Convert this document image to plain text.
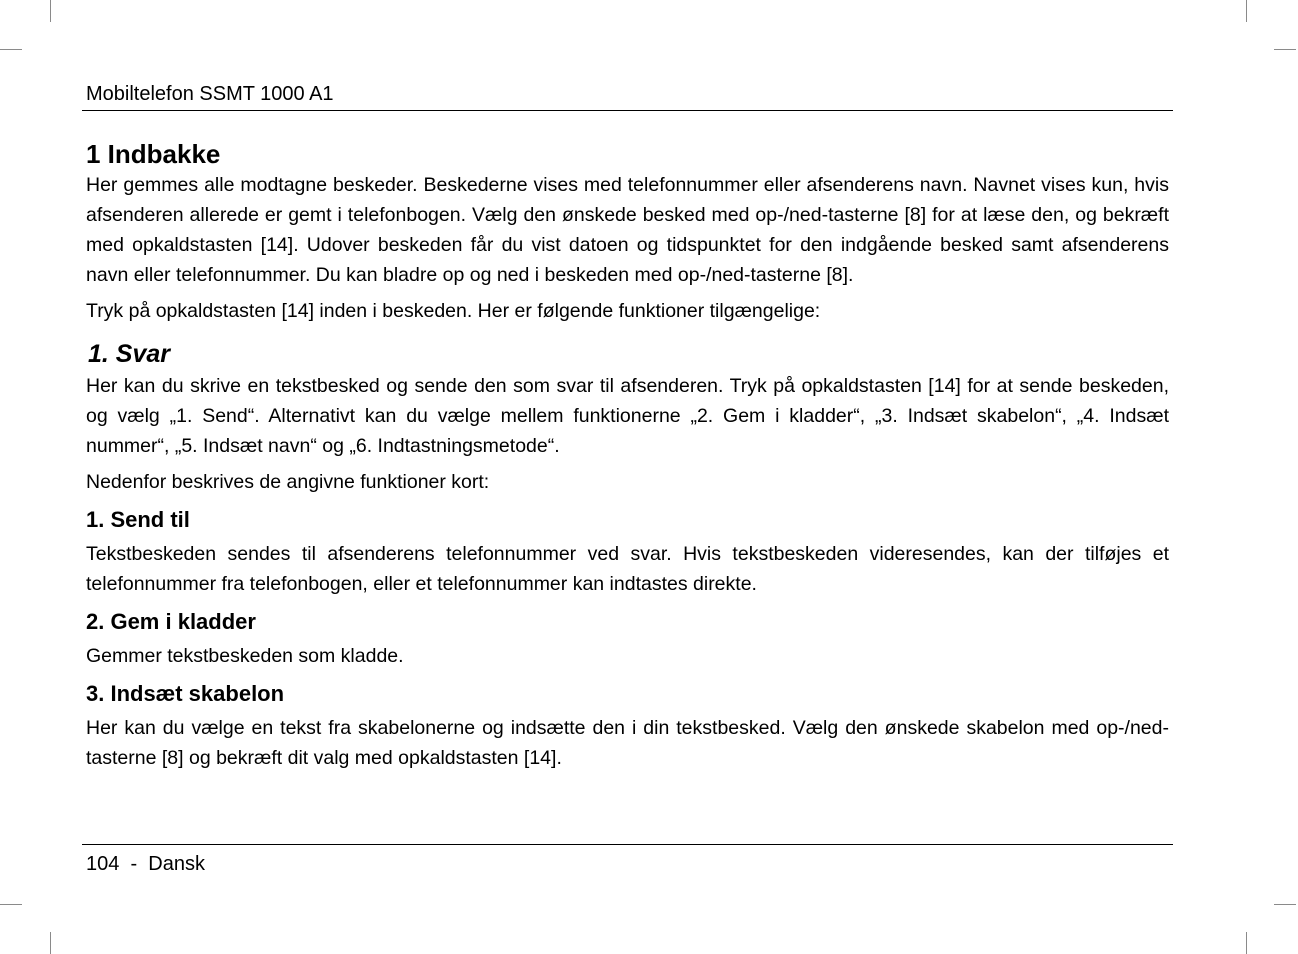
Mobiltelefon SSMT 1000 A1
1 Indbakke

Her gemmes alle modtagne beskeder. Beskederne vises med telefonnummer eller afsenderens navn. Navnet vises kun, hvis afsenderen allerede er gemt i telefonbogen. Vælg den ønskede besked med op-/ned-tasterne [8] for at læse den, og bekræft med opkaldstasten [14]. Udover beskeden får du vist datoen og tidspunktet for den indgående besked samt afsenderens navn eller telefonnummer. Du kan bladre op og ned i beskeden med op-/ned-tasterne [8].

Tryk på opkaldstasten [14] inden i beskeden. Her er følgende funktioner tilgængelige:

1. Svar

Her kan du skrive en tekstbesked og sende den som svar til afsenderen. Tryk på opkaldstasten [14] for at sende beskeden, og vælg „1. Send“. Alternativt kan du vælge mellem funktionerne „2. Gem i kladder“, „3. Indsæt skabelon“, „4. Indsæt nummer“, „5. Indsæt navn“ og „6. Indtastningsmetode“.

Nedenfor beskrives de angivne funktioner kort:

1. Send til

Tekstbeskeden sendes til afsenderens telefonnummer ved svar. Hvis tekstbeskeden videresendes, kan der tilføjes et telefonnummer fra telefonbogen, eller et telefonnummer kan indtastes direkte.

2. Gem i kladder

Gemmer tekstbeskeden som kladde.

3. Indsæt skabelon

Her kan du vælge en tekst fra skabelonerne og indsætte den i din tekstbesked. Vælg den ønskede skabelon med op-/ned-tasterne [8] og bekræft dit valg med opkaldstasten [14].

104  -  Dansk
